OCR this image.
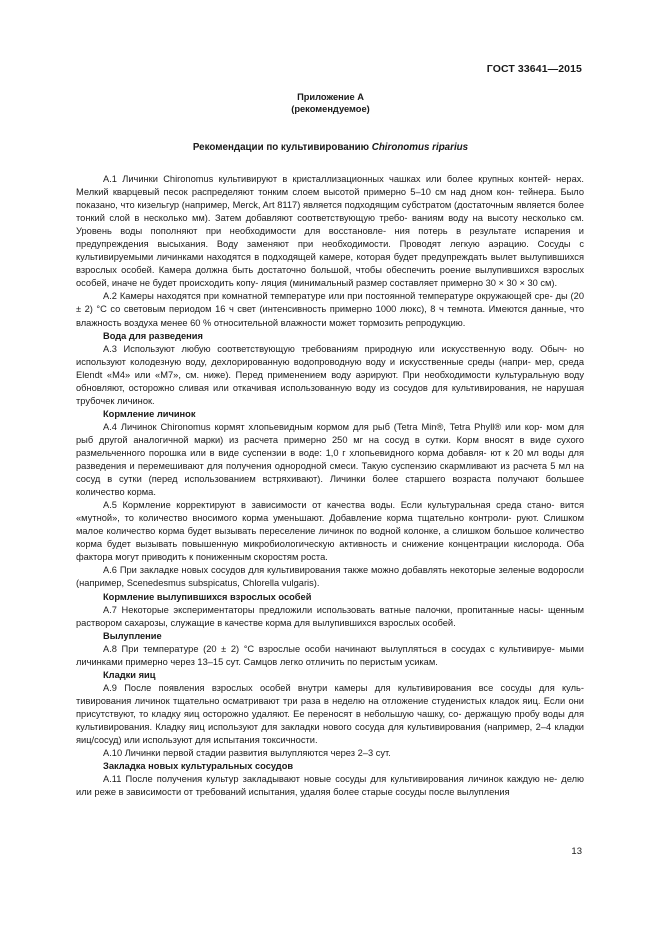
ГОСТ 33641—2015
Приложение А
(рекомендуемое)
Рекомендации по культивированию Chironomus riparius

А.1 Личинки Chironomus культивируют в кристаллизационных чашках или более крупных контей- нерах. Мелкий кварцевый песок распределяют тонким слоем высотой примерно 5–10 см над дном кон- тейнера. Было показано, что кизельгур (например, Merck, Art 8117) является подходящим субстратом (достаточным является более тонкий слой в несколько мм). Затем добавляют соответствующую требо- ваниям воду на высоту несколько см. Уровень воды пополняют при необходимости для восстановле- ния потерь в результате испарения и предупреждения высыхания. Воду заменяют при необходимости. Проводят легкую аэрацию. Сосуды с культивируемыми личинками находятся в подходящей камере, которая будет предупреждать вылет вылупившихся взрослых особей. Камера должна быть достаточно большой, чтобы обеспечить роение вылупившихся взрослых особей, иначе не будет происходить копу- ляция (минимальный размер составляет примерно 30 × 30 × 30 см).

А.2 Камеры находятся при комнатной температуре или при постоянной температуре окружающей сре- ды (20 ± 2) °С со световым периодом 16 ч свет (интенсивность примерно 1000 люкс), 8 ч темнота. Имеются данные, что влажность воздуха менее 60 % относительной влажности может тормозить репродукцию.

Вода для разведения

А.3 Используют любую соответствующую требованиям природную или искусственную воду. Обыч- но используют колодезную воду, дехлорированную водопроводную воду и искусственные среды (напри- мер, среда Elendt «М4» или «М7», см. ниже). Перед применением воду аэрируют. При необходимости культуральную воду обновляют, осторожно сливая или откачивая использованную воду из сосудов для культивирования, не нарушая трубочек личинок.

Кормление личинок

А.4 Личинок Chironomus кормят хлопьевидным кормом для рыб (Tetra Min®, Tetra Phyll® или кор- мом для рыб другой аналогичной марки) из расчета примерно 250 мг на сосуд в сутки. Корм вносят в виде сухого размельченного порошка или в виде суспензии в воде: 1,0 г хлопьевидного корма добавля- ют к 20 мл воды для разведения и перемешивают для получения однородной смеси. Такую суспензию скармливают из расчета 5 мл на сосуд в сутки (перед использованием встряхивают). Личинки более старшего возраста получают большее количество корма.

А.5 Кормление корректируют в зависимости от качества воды. Если культуральная среда стано- вится «мутной», то количество вносимого корма уменьшают. Добавление корма тщательно контроли- руют. Слишком малое количество корма будет вызывать переселение личинок по водной колонке, а слишком большое количество корма будет вызывать повышенную микробиологическую активность и снижение концентрации кислорода. Оба фактора могут приводить к пониженным скоростям роста.

А.6 При закладке новых сосудов для культивирования также можно добавлять некоторые зеленые водоросли (например, Scenedesmus subspicatus, Chlorella vulgaris).

Кормление вылупившихся взрослых особей

А.7 Некоторые экспериментаторы предложили использовать ватные палочки, пропитанные насы- щенным раствором сахарозы, служащие в качестве корма для вылупившихся взрослых особей.

Вылупление

А.8 При температуре (20 ± 2) °С взрослые особи начинают вылупляться в сосудах с культивируе- мыми личинками примерно через 13–15 сут. Самцов легко отличить по перистым усикам.

Кладки яиц

А.9 После появления взрослых особей внутри камеры для культивирования все сосуды для куль- тивирования личинок тщательно осматривают три раза в неделю на отложение студенистых кладок яиц. Если они присутствуют, то кладку яиц осторожно удаляют. Ее переносят в небольшую чашку, со- держащую пробу воды для культивирования. Кладку яиц используют для закладки нового сосуда для культивирования (например, 2–4 кладки яиц/сосуд) или используют для испытания токсичности.

А.10 Личинки первой стадии развития вылупляются через 2–3 сут.

Закладка новых культуральных сосудов

А.11 После получения культур закладывают новые сосуды для культивирования личинок каждую не- делю или реже в зависимости от требований испытания, удаляя более старые сосуды после вылупления

13
